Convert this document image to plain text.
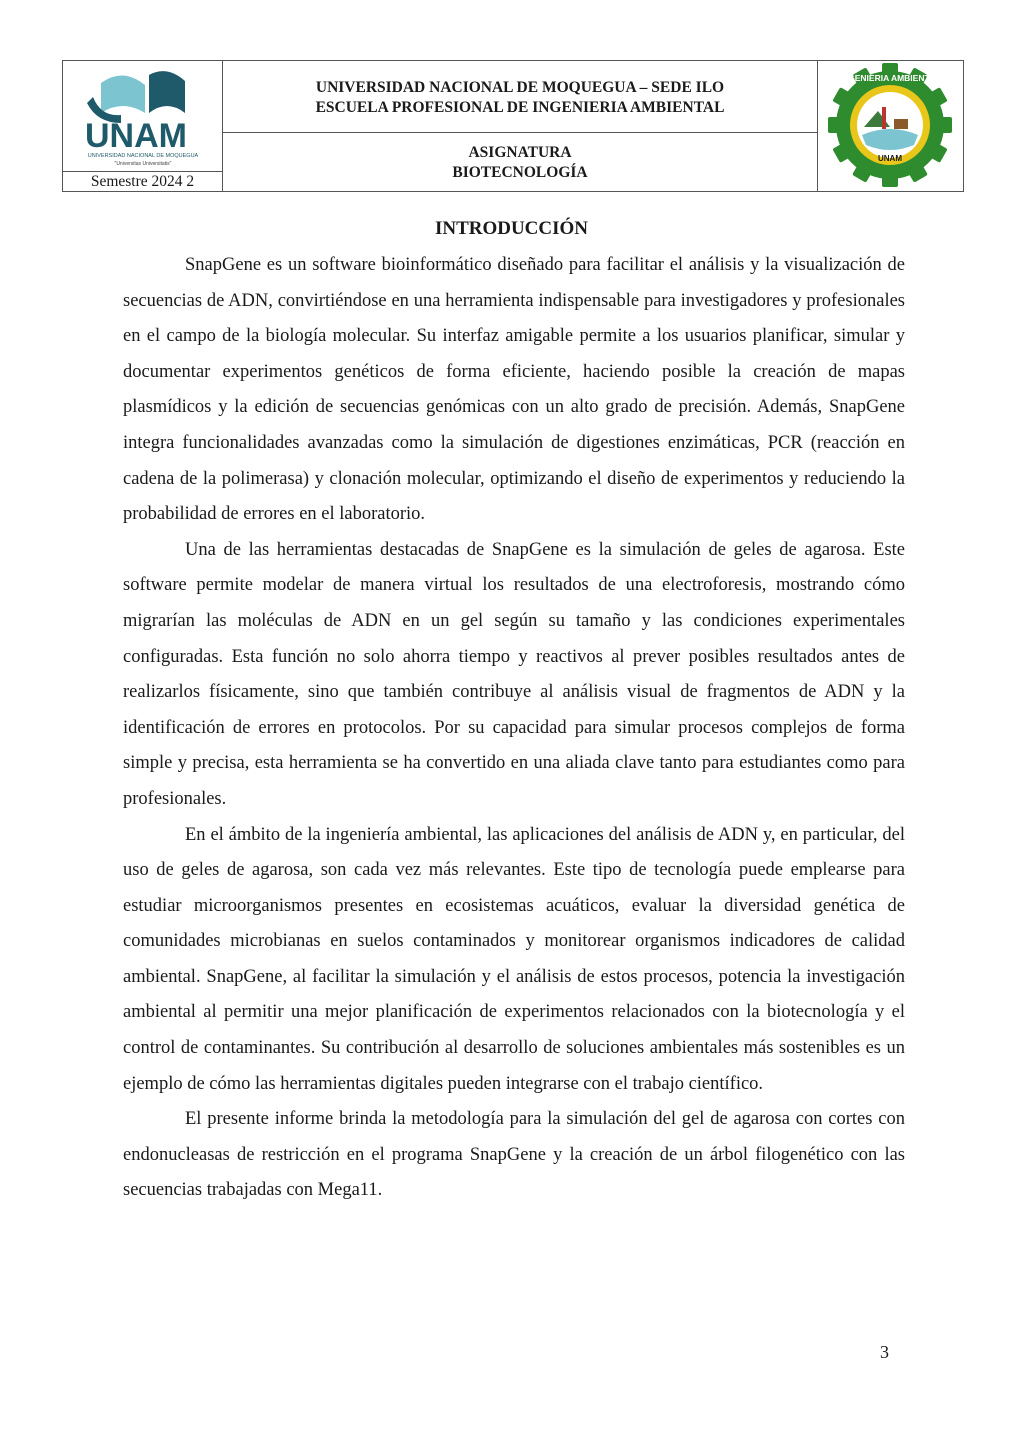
UNAM
UNIVERSIDAD NACIONAL DE MOQUEGUA
"Universitas Universitatis"
Semestre 2024 2
UNIVERSIDAD NACIONAL DE MOQUEGUA – SEDE ILO
ESCUELA PROFESIONAL DE INGENIERIA AMBIENTAL
ASIGNATURA
BIOTECNOLOGÍA
INGENIERIA AMBIENTAL
UNAM
INTRODUCCIÓN

SnapGene es un software bioinformático diseñado para facilitar el análisis y la visualización de secuencias de ADN, convirtiéndose en una herramienta indispensable para investigadores y profesionales en el campo de la biología molecular. Su interfaz amigable permite a los usuarios planificar, simular y documentar experimentos genéticos de forma eficiente, haciendo posible la creación de mapas plasmídicos y la edición de secuencias genómicas con un alto grado de precisión. Además, SnapGene integra funcionalidades avanzadas como la simulación de digestiones enzimáticas, PCR (reacción en cadena de la polimerasa) y clonación molecular, optimizando el diseño de experimentos y reduciendo la probabilidad de errores en el laboratorio.

Una de las herramientas destacadas de SnapGene es la simulación de geles de agarosa. Este software permite modelar de manera virtual los resultados de una electroforesis, mostrando cómo migrarían las moléculas de ADN en un gel según su tamaño y las condiciones experimentales configuradas. Esta función no solo ahorra tiempo y reactivos al prever posibles resultados antes de realizarlos físicamente, sino que también contribuye al análisis visual de fragmentos de ADN y la identificación de errores en protocolos. Por su capacidad para simular procesos complejos de forma simple y precisa, esta herramienta se ha convertido en una aliada clave tanto para estudiantes como para profesionales.

En el ámbito de la ingeniería ambiental, las aplicaciones del análisis de ADN y, en particular, del uso de geles de agarosa, son cada vez más relevantes. Este tipo de tecnología puede emplearse para estudiar microorganismos presentes en ecosistemas acuáticos, evaluar la diversidad genética de comunidades microbianas en suelos contaminados y monitorear organismos indicadores de calidad ambiental. SnapGene, al facilitar la simulación y el análisis de estos procesos, potencia la investigación ambiental al permitir una mejor planificación de experimentos relacionados con la biotecnología y el control de contaminantes. Su contribución al desarrollo de soluciones ambientales más sostenibles es un ejemplo de cómo las herramientas digitales pueden integrarse con el trabajo científico.

El presente informe brinda la metodología para la simulación del gel de agarosa con cortes con endonucleasas de restricción en el programa SnapGene y la creación de un árbol filogenético con las secuencias trabajadas con Mega11.

3
